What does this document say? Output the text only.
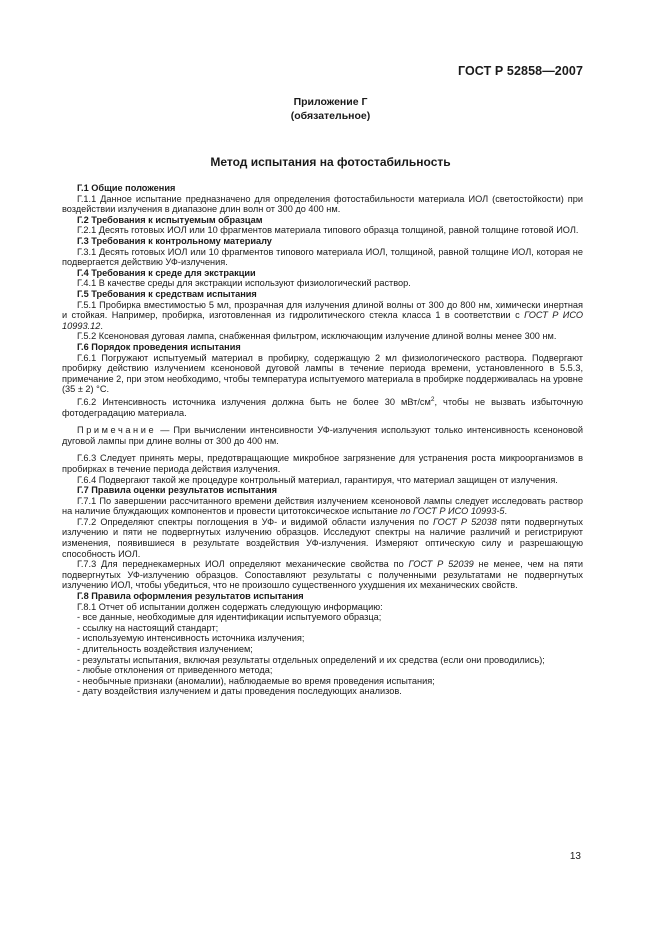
ГОСТ Р 52858—2007
Приложение Г
(обязательное)
Метод испытания на фотостабильность

Г.1 Общие положения

Г.1.1 Данное испытание предназначено для определения фотостабильности материала ИОЛ (светостойкости) при воздействии излучения в диапазоне длин волн от 300 до 400 нм.

Г.2 Требования к испытуемым образцам

Г.2.1 Десять готовых ИОЛ или 10 фрагментов материала типового образца толщиной, равной толщине готовой ИОЛ.

Г.3 Требования к контрольному материалу

Г.3.1 Десять готовых ИОЛ или 10 фрагментов типового материала ИОЛ, толщиной, равной толщине ИОЛ, которая не подвергается действию УФ-излучения.

Г.4 Требования к среде для экстракции

Г.4.1 В качестве среды для экстракции используют физиологический раствор.

Г.5 Требования к средствам испытания

Г.5.1 Пробирка вместимостью 5 мл, прозрачная для излучения длиной волны от 300 до 800 нм, химически инертная и стойкая. Например, пробирка, изготовленная из гидролитического стекла класса 1 в соответствии с ГОСТ Р ИСО 10993.12.

Г.5.2 Ксеноновая дуговая лампа, снабженная фильтром, исключающим излучение длиной волны менее 300 нм.

Г.6 Порядок проведения испытания

Г.6.1 Погружают испытуемый материал в пробирку, содержащую 2 мл физиологического раствора. Подвергают пробирку действию излучением ксеноновой дуговой лампы в течение периода времени, установленного в 5.5.3, примечание 2, при этом необходимо, чтобы температура испытуемого материала в пробирке поддерживалась на уровне (35 ± 2) °С.

Г.6.2 Интенсивность источника излучения должна быть не более 30 мВт/$см^2$, чтобы не вызвать избыточную фотодеградацию материала.

Примечание — При вычислении интенсивности УФ-излучения используют только интенсивность ксеноновой дуговой лампы при длине волны от 300 до 400 нм.

Г.6.3 Следует принять меры, предотвращающие микробное загрязнение для устранения роста микроорганизмов в пробирках в течение периода действия излучения.

Г.6.4 Подвергают такой же процедуре контрольный материал, гарантируя, что материал защищен от излучения.

Г.7 Правила оценки результатов испытания

Г.7.1 По завершении рассчитанного времени действия излучением ксеноновой лампы следует исследовать раствор на наличие блуждающих компонентов и провести цитотоксическое испытание по ГОСТ Р ИСО 10993-5.

Г.7.2 Определяют спектры поглощения в УФ- и видимой области излучения по ГОСТ Р 52038 пяти подвергнутых излучению и пяти не подвергнутых излучению образцов. Исследуют спектры на наличие различий и регистрируют изменения, появившиеся в результате воздействия УФ-излучения. Измеряют оптическую силу и разрешающую способность ИОЛ.

Г.7.3 Для переднекамерных ИОЛ определяют механические свойства по ГОСТ Р 52039 не менее, чем на пяти подвергнутых УФ-излучению образцов. Сопоставляют результаты с полученными результатами не подвергнутых излучению ИОЛ, чтобы убедиться, что не произошло существенного ухудшения их механических свойств.

Г.8 Правила оформления результатов испытания

Г.8.1 Отчет об испытании должен содержать следующую информацию:

- все данные, необходимые для идентификации испытуемого образца;

- ссылку на настоящий стандарт;

- используемую интенсивность источника излучения;

- длительность воздействия излучением;

- результаты испытания, включая результаты отдельных определений и их средства (если они проводились);

- любые отклонения от приведенного метода;

- необычные признаки (аномалии), наблюдаемые во время проведения испытания;

- дату воздействия излучением и даты проведения последующих анализов.

13
